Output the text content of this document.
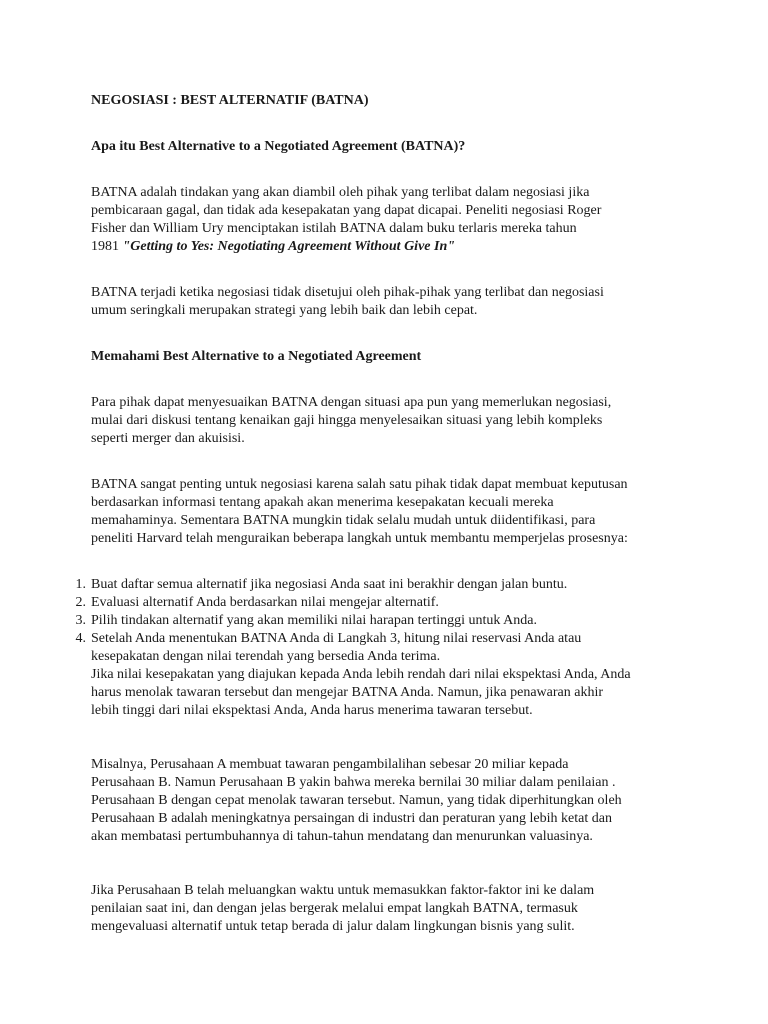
NEGOSIASI : BEST ALTERNATIF (BATNA)

Apa itu Best Alternative to a Negotiated Agreement (BATNA)?

BATNA adalah tindakan yang akan diambil oleh pihak yang terlibat dalam negosiasi jika
pembicaraan gagal, dan tidak ada kesepakatan yang dapat dicapai. Peneliti negosiasi Roger
Fisher dan William Ury menciptakan istilah BATNA dalam buku terlaris mereka tahun
1981 "Getting to Yes: Negotiating Agreement Without Give In"

BATNA terjadi ketika negosiasi tidak disetujui oleh pihak-pihak yang terlibat dan negosiasi
umum seringkali merupakan strategi yang lebih baik dan lebih cepat.

Memahami Best Alternative to a Negotiated Agreement

Para pihak dapat menyesuaikan BATNA dengan situasi apa pun yang memerlukan negosiasi,
mulai dari diskusi tentang kenaikan gaji hingga menyelesaikan situasi yang lebih kompleks
seperti merger dan akuisisi.

BATNA sangat penting untuk negosiasi karena salah satu pihak tidak dapat membuat keputusan
berdasarkan informasi tentang apakah akan menerima kesepakatan kecuali mereka
memahaminya. Sementara BATNA mungkin tidak selalu mudah untuk diidentifikasi, para
peneliti Harvard telah menguraikan beberapa langkah untuk membantu memperjelas prosesnya:

1. Buat daftar semua alternatif jika negosiasi Anda saat ini berakhir dengan jalan buntu.
2. Evaluasi alternatif Anda berdasarkan nilai mengejar alternatif.
3. Pilih tindakan alternatif yang akan memiliki nilai harapan tertinggi untuk Anda.
4. Setelah Anda menentukan BATNA Anda di Langkah 3, hitung nilai reservasi Anda atau
kesepakatan dengan nilai terendah yang bersedia Anda terima.
Jika nilai kesepakatan yang diajukan kepada Anda lebih rendah dari nilai ekspektasi Anda, Anda
harus menolak tawaran tersebut dan mengejar BATNA Anda. Namun, jika penawaran akhir
lebih tinggi dari nilai ekspektasi Anda, Anda harus menerima tawaran tersebut.

Misalnya, Perusahaan A membuat tawaran pengambilalihan sebesar 20 miliar kepada
Perusahaan B. Namun Perusahaan B yakin bahwa mereka bernilai 30 miliar dalam penilaian .
Perusahaan B dengan cepat menolak tawaran tersebut. Namun, yang tidak diperhitungkan oleh
Perusahaan B adalah meningkatnya persaingan di industri dan peraturan yang lebih ketat dan
akan membatasi pertumbuhannya di tahun-tahun mendatang dan menurunkan valuasinya.

Jika Perusahaan B telah meluangkan waktu untuk memasukkan faktor-faktor ini ke dalam
penilaian saat ini, dan dengan jelas bergerak melalui empat langkah BATNA, termasuk
mengevaluasi alternatif untuk tetap berada di jalur dalam lingkungan bisnis yang sulit.
